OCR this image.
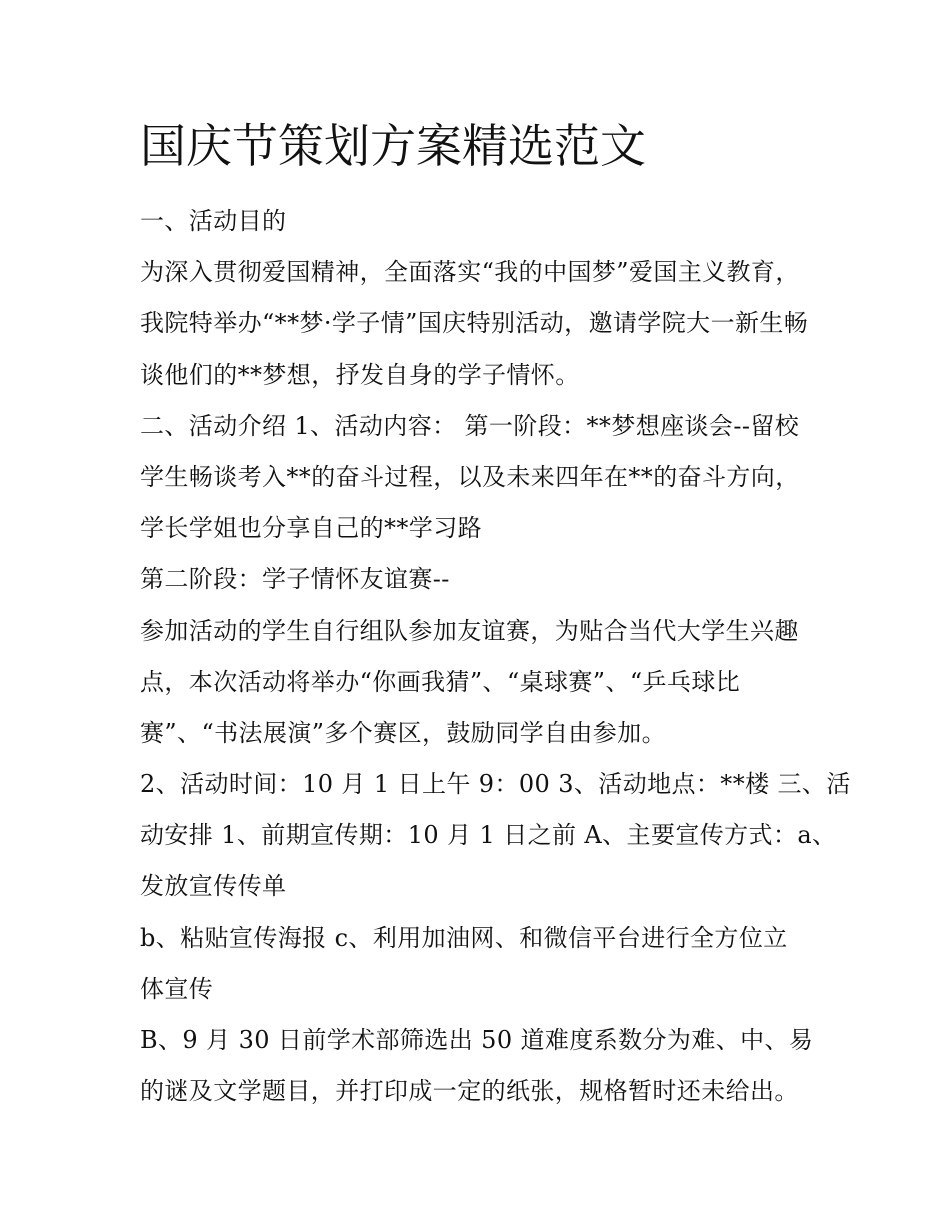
国庆节策划方案精选范文
一、活动目的
为深入贯彻爱国精神，全面落实“我的中国梦”爱国主义教育，
我院特举办“**梦·学子情”国庆特别活动，邀请学院大一新生畅
谈他们的**梦想，抒发自身的学子情怀。
二、活动介绍 1、活动内容： 第一阶段：**梦想座谈会--留校
学生畅谈考入**的奋斗过程，以及未来四年在**的奋斗方向，
学长学姐也分享自己的**学习路
第二阶段：学子情怀友谊赛--
参加活动的学生自行组队参加友谊赛，为贴合当代大学生兴趣
点，本次活动将举办“你画我猜”、“桌球赛”、“乒乓球比
赛”、“书法展演”多个赛区，鼓励同学自由参加。
2、活动时间：10 月 1 日上午 9：00 3、活动地点：**楼 三、活
动安排 1、前期宣传期：10 月 1 日之前 A、主要宣传方式：a、
发放宣传传单
b、粘贴宣传海报 c、利用加油网、和微信平台进行全方位立
体宣传
B、9 月 30 日前学术部筛选出 50 道难度系数分为难、中、易
的谜及文学题目，并打印成一定的纸张，规格暂时还未给出。
